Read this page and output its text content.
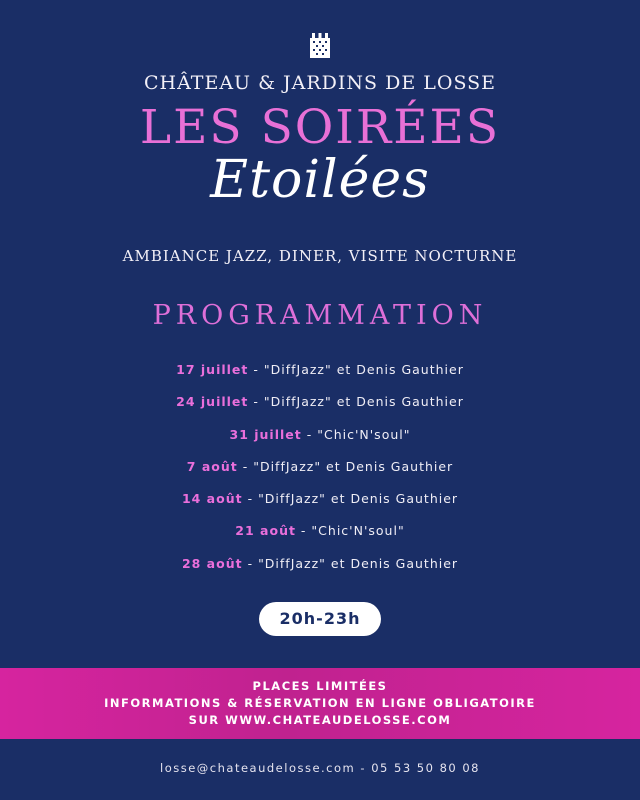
CHÂTEAU & JARDINS DE LOSSE
LES SOIRÉES
Etoilées
AMBIANCE JAZZ, DINER, VISITE NOCTURNE
PROGRAMMATION
17 juillet - "DiffJazz" et Denis Gauthier
24 juillet - "DiffJazz" et Denis Gauthier
31 juillet - "Chic'N'soul"
7 août - "DiffJazz" et Denis Gauthier
14 août - "DiffJazz" et Denis Gauthier
21 août - "Chic'N'soul"
28 août - "DiffJazz" et Denis Gauthier
20h-23h
PLACES LIMITÉES
INFORMATIONS & RÉSERVATION EN LIGNE OBLIGATOIRE
SUR WWW.CHATEAUDELOSSE.COM
losse@chateaudelosse.com - 05 53 50 80 08
